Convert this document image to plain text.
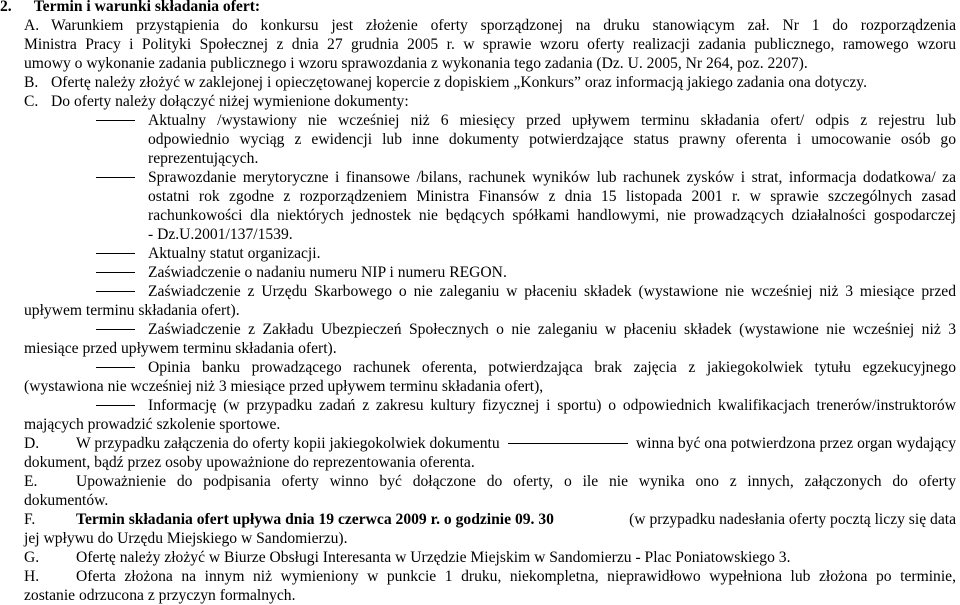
2. Termin i warunki składania ofert:
A. Warunkiem przystąpienia do konkursu jest złożenie oferty sporządzonej na druku stanowiącym zał. Nr 1 do rozporządzenia
Ministra Pracy i Polityki Społecznej z dnia 27 grudnia 2005 r. w sprawie wzoru oferty realizacji zadania publicznego, ramowego wzoru
umowy o wykonanie zadania publicznego i wzoru sprawozdania z wykonania tego zadania (Dz. U. 2005, Nr 264, poz. 2207).
B. Ofertę należy złożyć w zaklejonej i opieczętowanej kopercie z dopiskiem „Konkurs” oraz informacją jakiego zadania ona dotyczy.
C. Do oferty należy dołączyć niżej wymienione dokumenty:
Aktualny /wystawiony nie wcześniej niż 6 miesięcy przed upływem terminu składania ofert/ odpis z rejestru lub
odpowiednio wyciąg z ewidencji lub inne dokumenty potwierdzające status prawny oferenta i umocowanie osób go
reprezentujących.
Sprawozdanie merytoryczne i finansowe /bilans, rachunek wyników lub rachunek zysków i strat, informacja dodatkowa/ za
ostatni rok zgodne z rozporządzeniem Ministra Finansów z dnia 15 listopada 2001 r. w sprawie szczególnych zasad
rachunkowości dla niektórych jednostek nie będących spółkami handlowymi, nie prowadzących działalności gospodarczej
- Dz.U.2001/137/1539.
Aktualny statut organizacji.
Zaświadczenie o nadaniu numeru NIP i numeru REGON.
Zaświadczenie z Urzędu Skarbowego o nie zaleganiu w płaceniu składek (wystawione nie wcześniej niż 3 miesiące przed
upływem terminu składania ofert).
Zaświadczenie z Zakładu Ubezpieczeń Społecznych o nie zaleganiu w płaceniu składek (wystawione nie wcześniej niż 3
miesiące przed upływem terminu składania ofert).
Opinia banku prowadzącego rachunek oferenta, potwierdzająca brak zajęcia z jakiegokolwiek tytułu egzekucyjnego
(wystawiona nie wcześniej niż 3 miesiące przed upływem terminu składania ofert),
Informację (w przypadku zadań z zakresu kultury fizycznej i sportu) o odpowiednich kwalifikacjach trenerów/instruktorów
mających prowadzić szkolenie sportowe.
D.	W przypadku załączenia do oferty kopii jakiegokolwiek dokumentu	winna być ona potwierdzona przez organ wydający
dokument, bądź przez osoby upoważnione do reprezentowania oferenta.
E.	Upoważnienie do podpisania oferty winno być dołączone do oferty, o ile nie wynika ono z innych, załączonych do oferty
dokumentów.
F.	Termin składania ofert upływa dnia 19 czerwca 2009 r. o godzinie 09. 30	(w przypadku nadesłania oferty pocztą liczy się data
jej wpływu do Urzędu Miejskiego w Sandomierzu).
G.	Ofertę należy złożyć w Biurze Obsługi Interesanta w Urzędzie Miejskim w Sandomierzu - Plac Poniatowskiego 3.
H.	Oferta złożona na innym niż wymieniony w punkcie 1 druku, niekompletna, nieprawidłowo wypełniona lub złożona po terminie,
zostanie odrzucona z przyczyn formalnych.
